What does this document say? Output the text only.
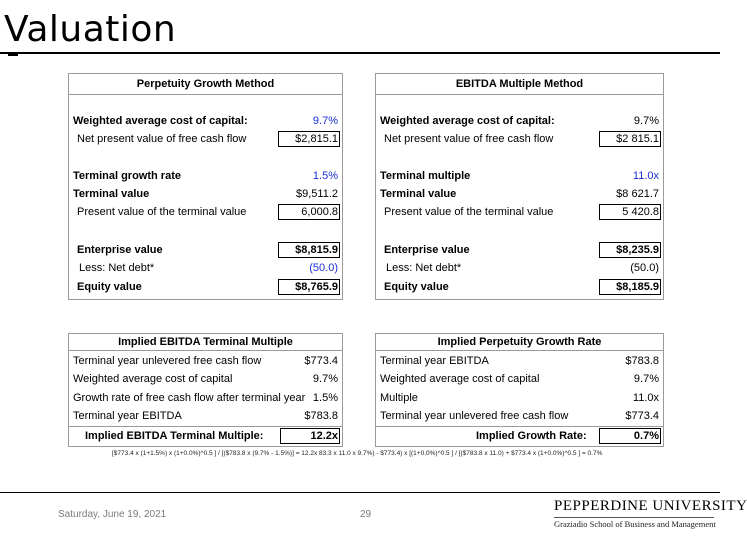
Valuation
Perpetuity Growth Method
Weighted average cost of capital:	9.7%
Net present value of free cash flow	$2,815.1
Terminal growth rate	1.5%
Terminal value	$9,511.2
Present value of the terminal value	6,000.8
Enterprise value	$8,815.9
Less: Net debt*	(50.0)
Equity value	$8,765.9
EBITDA Multiple Method
Weighted average cost of capital:	9.7%
Net present value of free cash flow	$2 815.1
Terminal multiple	11.0x
Terminal value	$8 621.7
Present value of the terminal value	5 420.8
Enterprise value	$8,235.9
Less: Net debt*	(50.0)
Equity value	$8,185.9
Implied EBITDA Terminal Multiple
Terminal year unlevered free cash flow	$773.4
Weighted average cost of capital	9.7%
Growth rate of free cash flow after terminal year 1.5%
Terminal year EBITDA	$783.8
Implied EBITDA Terminal Multiple:	12.2x
Implied Perpetuity Growth Rate
Terminal year EBITDA	$783.8
Weighted average cost of capital	9.7%
Multiple	11.0x
Terminal year unlevered free cash flow	$773.4
Implied Growth Rate:	0.7%
[$773.4 x (1+1.5%) x (1+0.0%)^0.5 ] / [($783.8 x (9.7% - 1.5%)] = 12.2x 83.3 x 11.0 x 9.7%) - $773.4) x [(1+0.0%)^0.5 ] / [($783.8 x 11.0) + $773.4 x (1+0.0%)^0.5 ] = 0.7%
Saturday, June 19, 2021	29
PEPPERDINE UNIVERSITY
Graziadio School of Business and Management
